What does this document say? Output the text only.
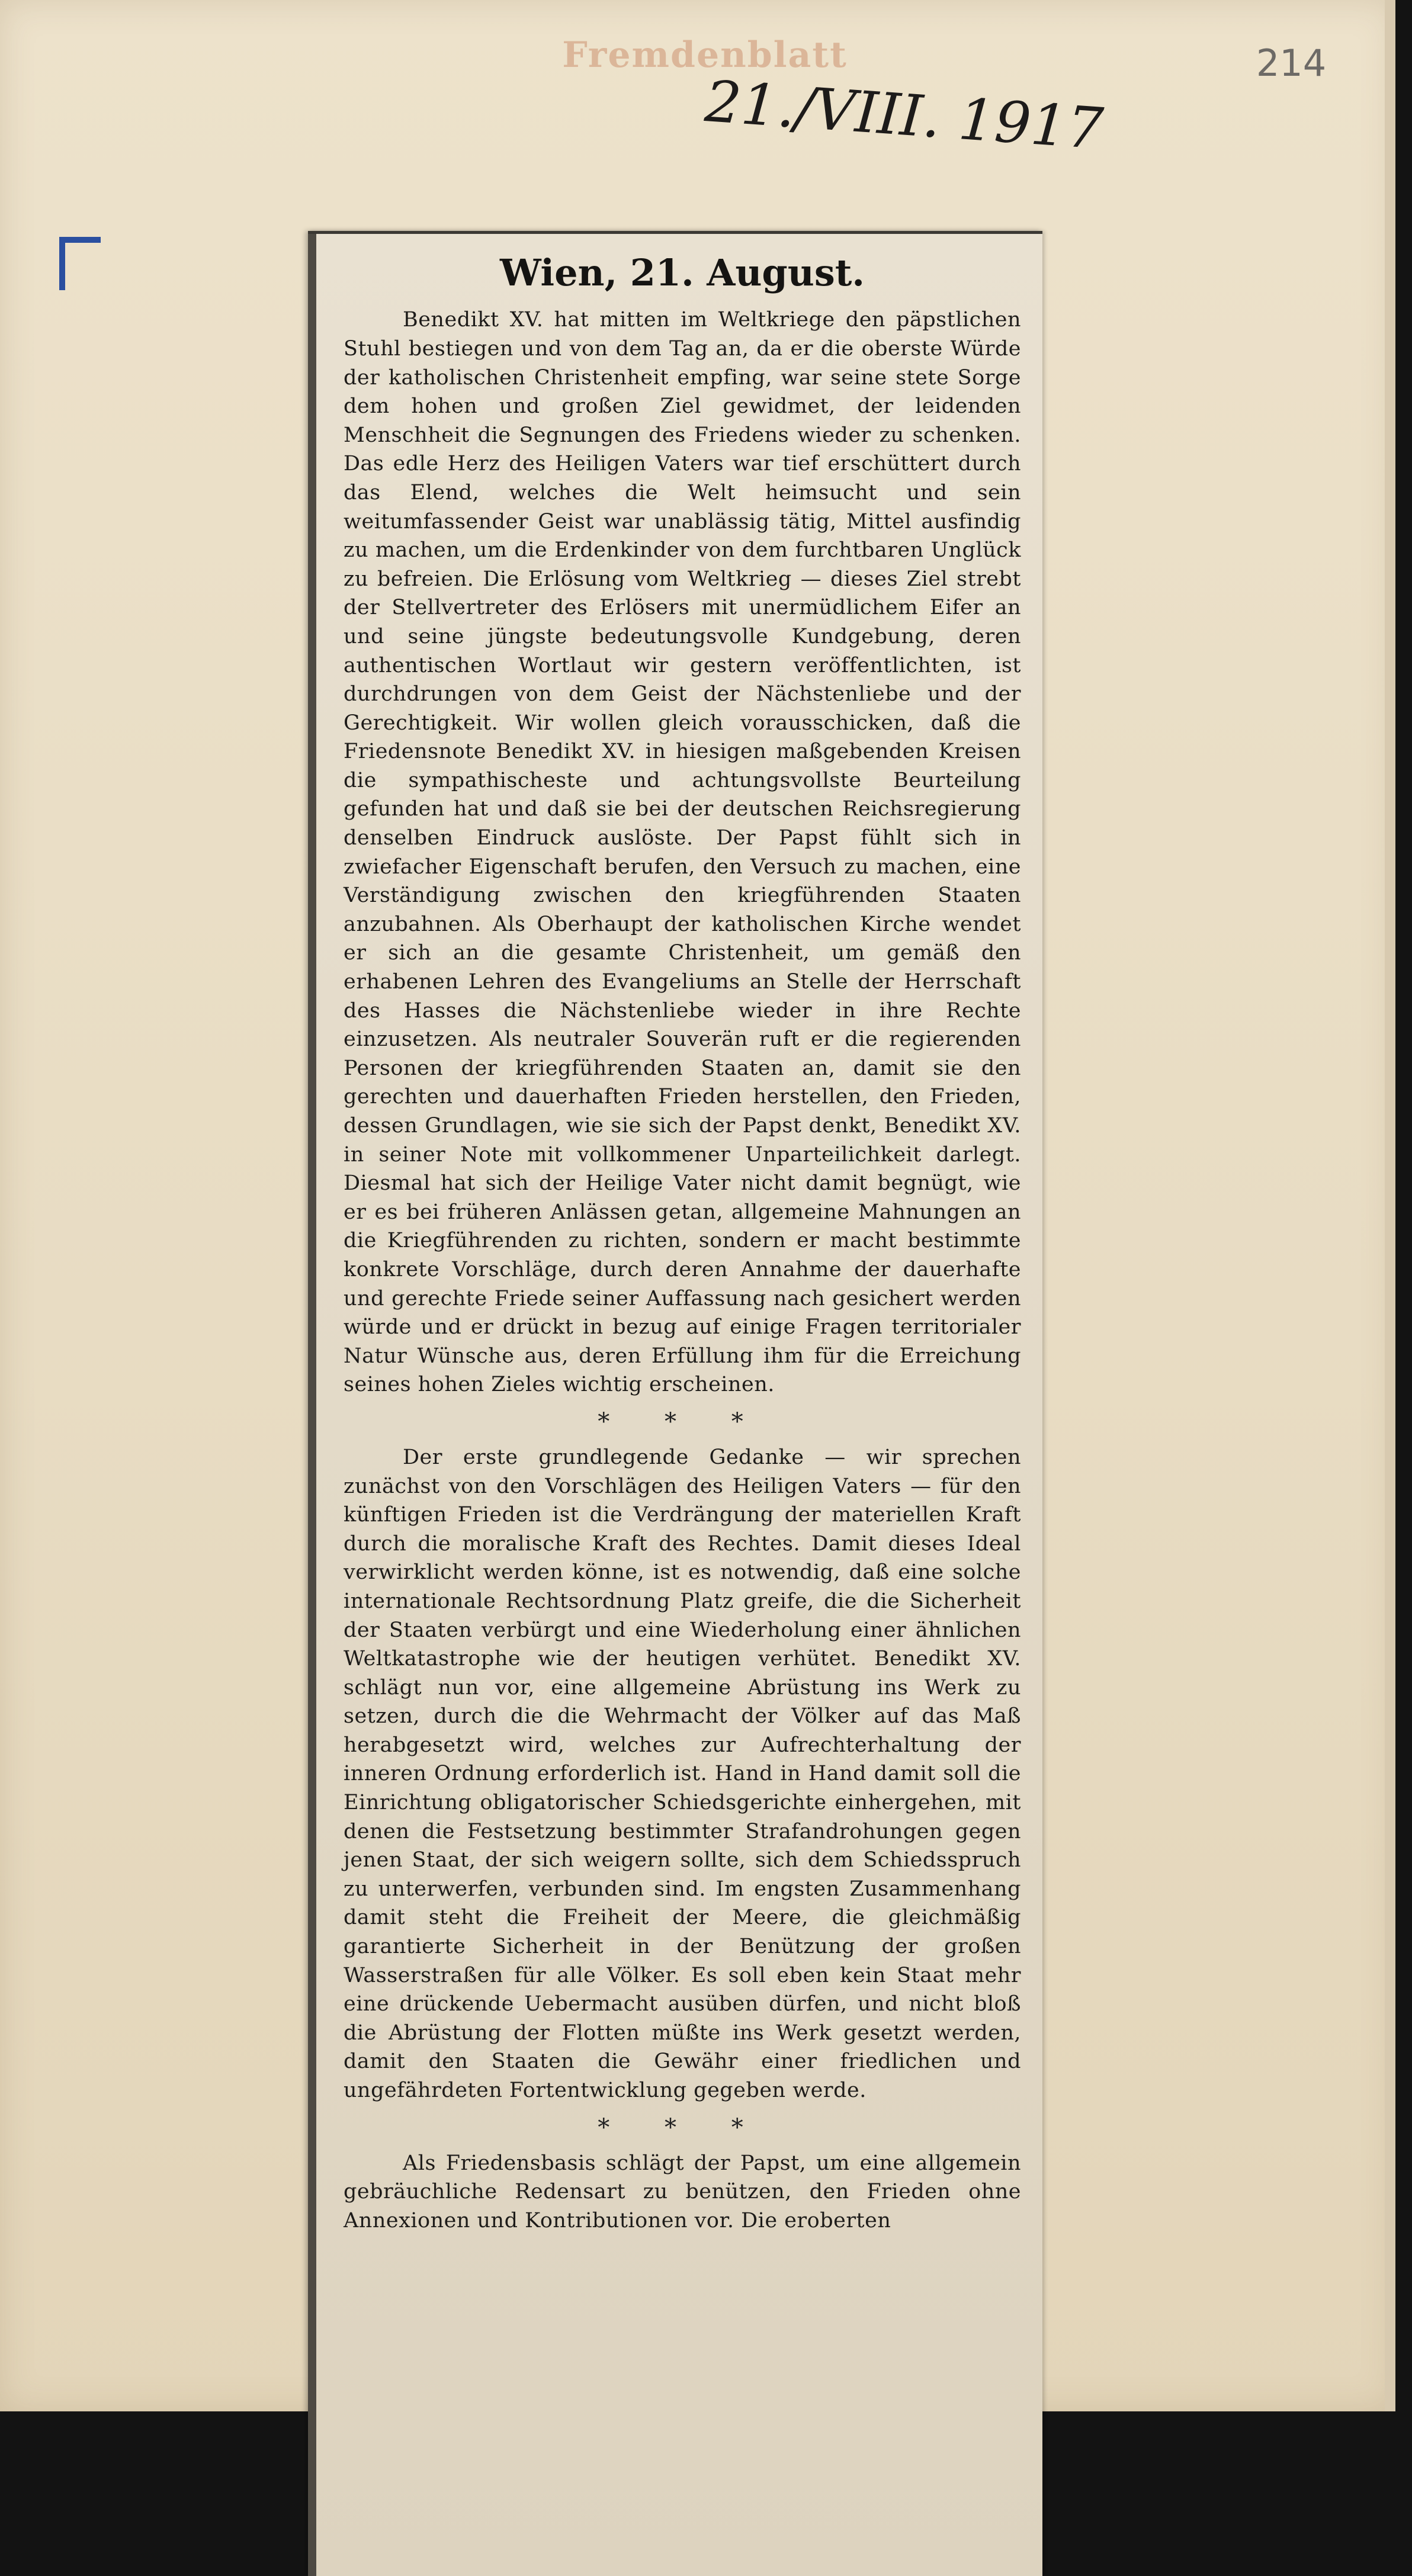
Fremdenblatt

21./VIII. 1917

214

Wien, 21. August.

Benedikt XV. hat mitten im Weltkriege den päpstlichen Stuhl bestiegen und von dem Tag an, da er die oberste Würde der katholischen Christenheit empfing, war seine stete Sorge dem hohen und großen Ziel gewidmet, der leidenden Menschheit die Segnungen des Friedens wieder zu schenken. Das edle Herz des Heiligen Vaters war tief erschüttert durch das Elend, welches die Welt heimsucht und sein weitumfassender Geist war unablässig tätig, Mittel ausfindig zu machen, um die Erdenkinder von dem furchtbaren Unglück zu befreien. Die Erlösung vom Weltkrieg — dieses Ziel strebt der Stellvertreter des Erlösers mit unermüdlichem Eifer an und seine jüngste bedeutungsvolle Kundgebung, deren authentischen Wortlaut wir gestern veröffentlichten, ist durchdrungen von dem Geist der Nächstenliebe und der Gerechtigkeit. Wir wollen gleich vorausschicken, daß die Friedensnote Benedikt XV. in hiesigen maßgebenden Kreisen die sympathischeste und achtungsvollste Beurteilung gefunden hat und daß sie bei der deutschen Reichsregierung denselben Eindruck auslöste. Der Papst fühlt sich in zwiefacher Eigenschaft berufen, den Versuch zu machen, eine Verständigung zwischen den kriegführenden Staaten anzubahnen. Als Oberhaupt der katholischen Kirche wendet er sich an die gesamte Christenheit, um gemäß den erhabenen Lehren des Evangeliums an Stelle der Herrschaft des Hasses die Nächstenliebe wieder in ihre Rechte einzusetzen. Als neutraler Souverän ruft er die regierenden Personen der kriegführenden Staaten an, damit sie den gerechten und dauerhaften Frieden herstellen, den Frieden, dessen Grundlagen, wie sie sich der Papst denkt, Benedikt XV. in seiner Note mit vollkommener Unparteilichkeit darlegt. Diesmal hat sich der Heilige Vater nicht damit begnügt, wie er es bei früheren Anlässen getan, allgemeine Mahnungen an die Kriegführenden zu richten, sondern er macht bestimmte konkrete Vorschläge, durch deren Annahme der dauerhafte und gerechte Friede seiner Auffassung nach gesichert werden würde und er drückt in bezug auf einige Fragen territorialer Natur Wünsche aus, deren Erfüllung ihm für die Erreichung seines hohen Zieles wichtig erscheinen.

* * *

Der erste grundlegende Gedanke — wir sprechen zunächst von den Vorschlägen des Heiligen Vaters — für den künftigen Frieden ist die Verdrängung der materiellen Kraft durch die moralische Kraft des Rechtes. Damit dieses Ideal verwirklicht werden könne, ist es notwendig, daß eine solche internationale Rechtsordnung Platz greife, die die Sicherheit der Staaten verbürgt und eine Wiederholung einer ähnlichen Weltkatastrophe wie der heutigen verhütet. Benedikt XV. schlägt nun vor, eine allgemeine Abrüstung ins Werk zu setzen, durch die die Wehrmacht der Völker auf das Maß herabgesetzt wird, welches zur Aufrechterhaltung der inneren Ordnung erforderlich ist. Hand in Hand damit soll die Einrichtung obligatorischer Schiedsgerichte einhergehen, mit denen die Festsetzung bestimmter Strafandrohungen gegen jenen Staat, der sich weigern sollte, sich dem Schiedsspruch zu unterwerfen, verbunden sind. Im engsten Zusammenhang damit steht die Freiheit der Meere, die gleichmäßig garantierte Sicherheit in der Benützung der großen Wasserstraßen für alle Völker. Es soll eben kein Staat mehr eine drückende Uebermacht ausüben dürfen, und nicht bloß die Abrüstung der Flotten müßte ins Werk gesetzt werden, damit den Staaten die Gewähr einer friedlichen und ungefährdeten Fortentwicklung gegeben werde.

* * *

Als Friedensbasis schlägt der Papst, um eine allgemein gebräuchliche Redensart zu benützen, den Frieden ohne Annexionen und Kontributionen vor. Die eroberten
